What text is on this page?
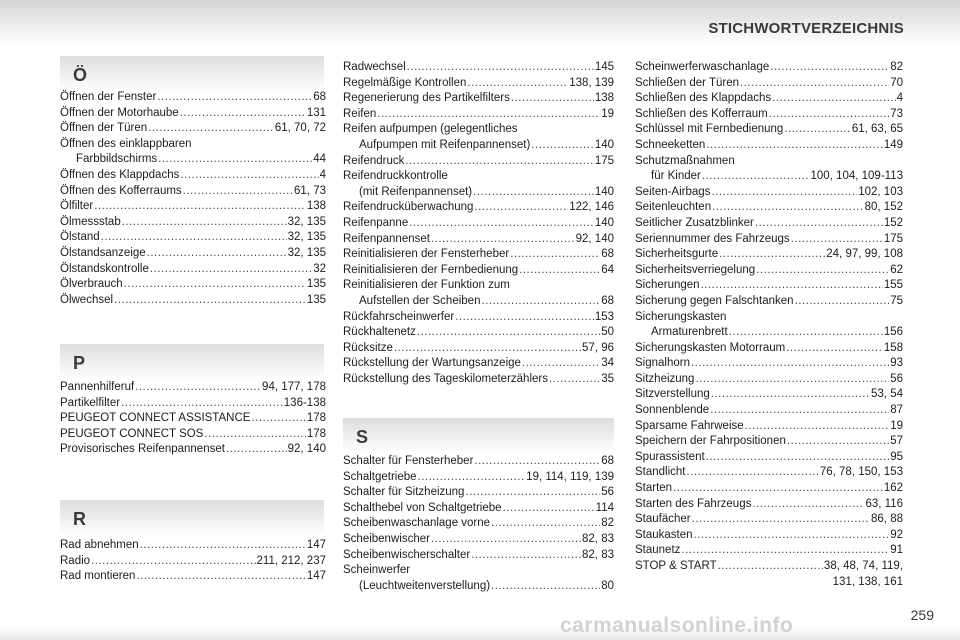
STICHWORTVERZEICHNIS
Ö
Öffnen der Fenster .....	68
Öffnen der Motorhaube .....	131
Öffnen der Türen .....	61, 70, 72
Öffnen des einklappbaren
Farbbildschirms .....	44
Öffnen des Klappdachs .....	4
Öffnen des Kofferraums .....	61, 73
Ölfilter .....	138
Ölmessstab .....	32, 135
Ölstand .....	32, 135
Ölstandsanzeige .....	32, 135
Ölstandskontrolle .....	32
Ölverbrauch .....	135
Ölwechsel .....	135
P
Pannenhilferuf .....	94, 177, 178
Partikelfilter .....	136-138
PEUGEOT CONNECT ASSISTANCE .....	178
PEUGEOT CONNECT SOS .....	178
Provisorisches Reifenpannenset .....	92, 140
R
Rad abnehmen .....	147
Radio .....	211, 212, 237
Rad montieren .....	147
Radwechsel .....	145
Regelmäßige Kontrollen .....	138, 139
Regenerierung des Partikelfilters .....	138
Reifen .....	19
Reifen aufpumpen (gelegentliches
Aufpumpen mit Reifenpannenset) .....	140
Reifendruck .....	175
Reifendruckkontrolle
(mit Reifenpannenset) .....	140
Reifendrucküberwachung .....	122, 146
Reifenpanne .....	140
Reifenpannenset .....	92, 140
Reinitialisieren der Fensterheber .....	68
Reinitialisieren der Fernbedienung .....	64
Reinitialisieren der Funktion zum
Aufstellen der Scheiben .....	68
Rückfahrscheinwerfer .....	153
Rückhaltenetz .....	50
Rücksitze .....	57, 96
Rückstellung der Wartungsanzeige .....	34
Rückstellung des Tageskilometerzählers .....	35
S
Schalter für Fensterheber .....	68
Schaltgetriebe .....	19, 114, 119, 139
Schalter für Sitzheizung .....	56
Schalthebel von Schaltgetriebe .....	114
Scheibenwaschanlage vorne .....	82
Scheibenwischer .....	82, 83
Scheibenwischerschalter .....	82, 83
Scheinwerfer
(Leuchtweitenverstellung) .....	80
Scheinwerferwaschanlage .....	82
Schließen der Türen .....	70
Schließen des Klappdachs .....	4
Schließen des Kofferraum .....	73
Schlüssel mit Fernbedienung .....	61, 63, 65
Schneeketten .....	149
Schutzmaßnahmen
für Kinder .....	100, 104, 109-113
Seiten-Airbags .....	102, 103
Seitenleuchten .....	80, 152
Seitlicher Zusatzblinker .....	152
Seriennummer des Fahrzeugs .....	175
Sicherheitsgurte .....	24, 97, 99, 108
Sicherheitsverriegelung .....	62
Sicherungen .....	155
Sicherung gegen Falschtanken .....	75
Sicherungskasten
Armaturenbrett .....	156
Sicherungskasten Motorraum .....	158
Signalhorn .....	93
Sitzheizung .....	56
Sitzverstellung .....	53, 54
Sonnenblende .....	87
Sparsame Fahrweise .....	19
Speichern der Fahrpositionen .....	57
Spurassistent .....	95
Standlicht .....	76, 78, 150, 153
Starten .....	162
Starten des Fahrzeugs .....	63, 116
Staufächer .....	86, 88
Staukasten .....	92
Staunetz .....	91
STOP & START .....	38, 48, 74, 119,
131, 138, 161
259
carmanualsonline.info
